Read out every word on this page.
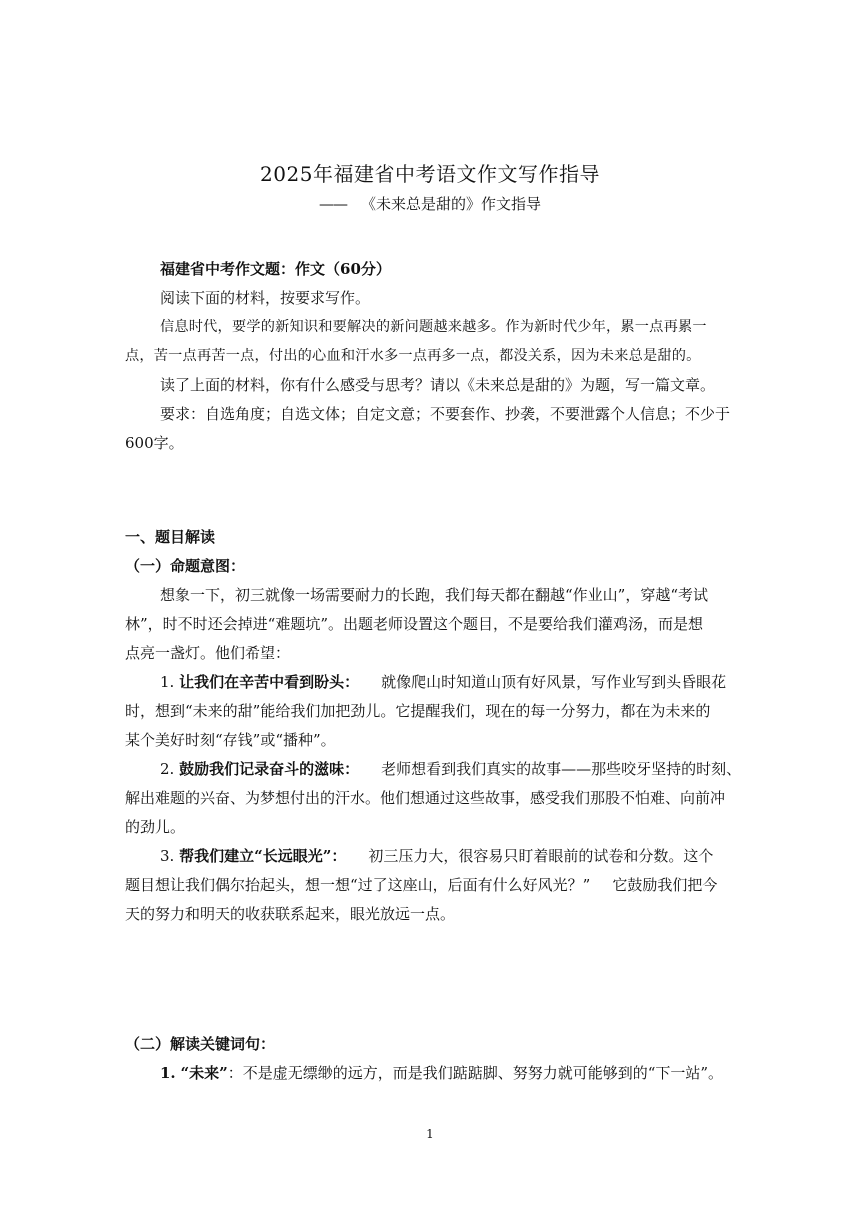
2025年福建省中考语文作文写作指导
—— 《未来总是甜的》作文指导
福建省中考作文题：作文（60分）
阅读下面的材料，按要求写作。
信息时代，要学的新知识和要解决的新问题越来越多。作为新时代少年，累一点再累一
点，苦一点再苦一点，付出的心血和汗水多一点再多一点，都没关系，因为未来总是甜的。
读了上面的材料，你有什么感受与思考？请以《未来总是甜的》为题，写一篇文章。
要求：自选角度；自选文体；自定文意；不要套作、抄袭，不要泄露个人信息；不少于
600字。
一、题目解读
（一）命题意图：
想象一下，初三就像一场需要耐力的长跑，我们每天都在翻越“作业山”，穿越“考试
林”，时不时还会掉进“难题坑”。出题老师设置这个题目，不是要给我们灌鸡汤，而是想
点亮一盏灯。他们希望：
1. 让我们在辛苦中看到盼头： 就像爬山时知道山顶有好风景，写作业写到头昏眼花
时，想到“未来的甜”能给我们加把劲儿。它提醒我们，现在的每一分努力，都在为未来的
某个美好时刻“存钱”或“播种”。
2. 鼓励我们记录奋斗的滋味： 老师想看到我们真实的故事——那些咬牙坚持的时刻、
解出难题的兴奋、为梦想付出的汗水。他们想通过这些故事，感受我们那股不怕难、向前冲
的劲儿。
3. 帮我们建立“长远眼光”： 初三压力大，很容易只盯着眼前的试卷和分数。这个
题目想让我们偶尔抬起头，想一想“过了这座山，后面有什么好风光？” 它鼓励我们把今
天的努力和明天的收获联系起来，眼光放远一点。
（二）解读关键词句：
1. “未来”：不是虚无缥缈的远方，而是我们踮踮脚、努努力就可能够到的“下一站”。
1
